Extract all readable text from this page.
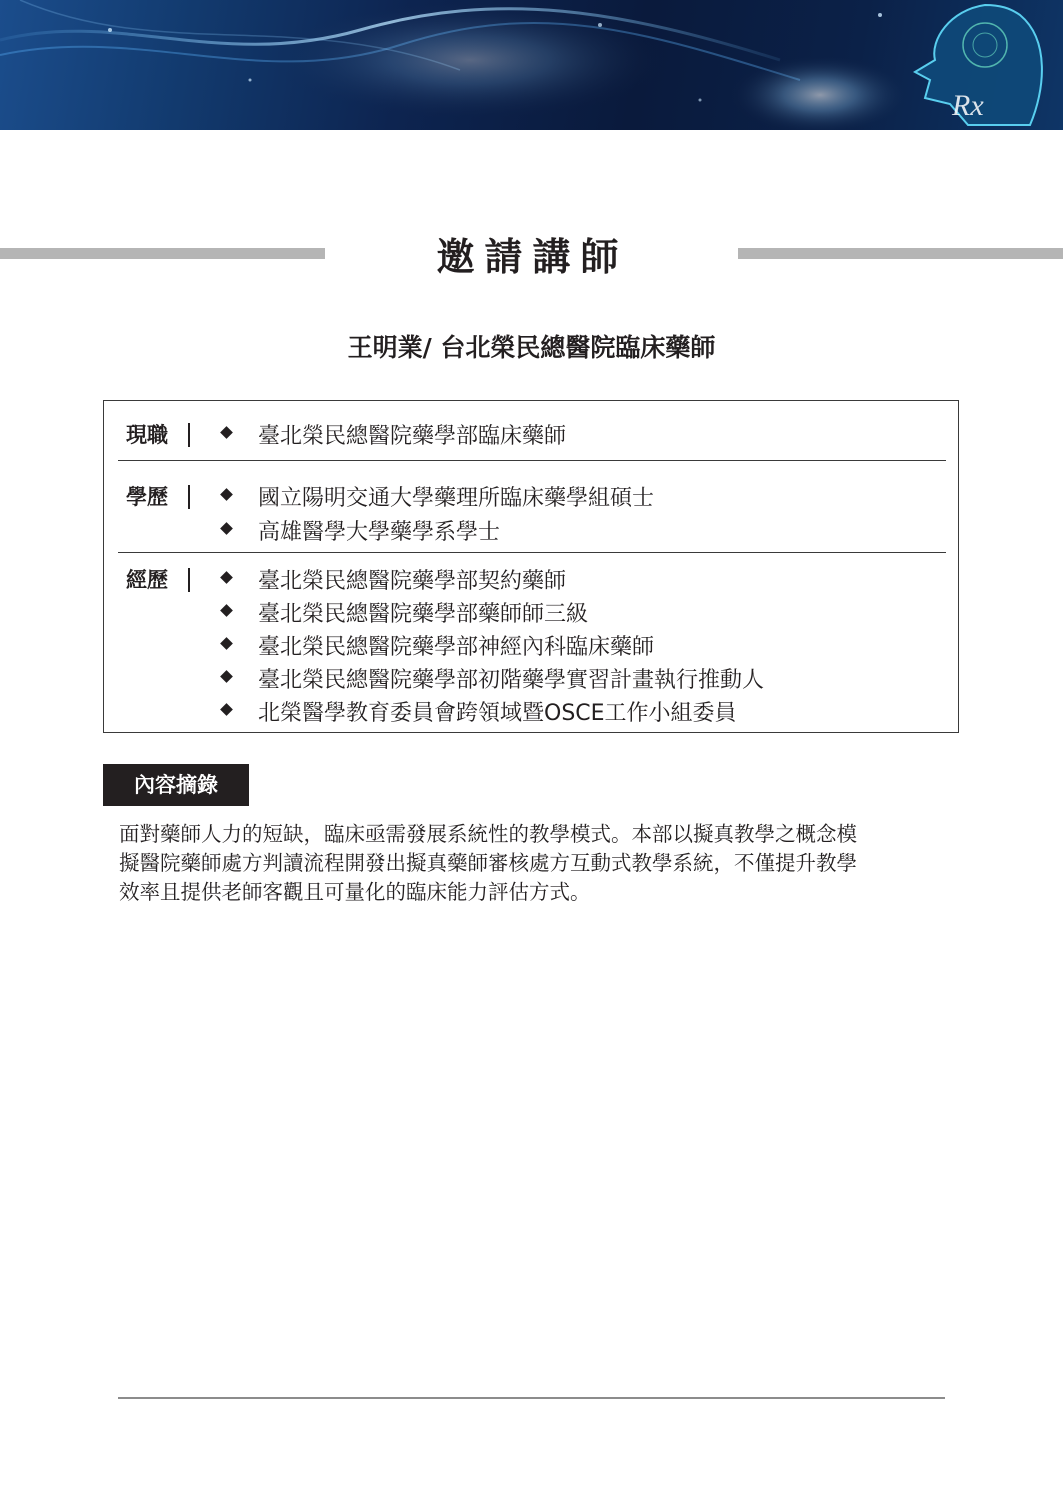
Rx
邀請講師
王明業/ 台北榮民總醫院臨床藥師
現職	臺北榮民總醫院藥學部臨床藥師
學歷	國立陽明交通大學藥理所臨床藥學組碩士
高雄醫學大學藥學系學士
經歷	臺北榮民總醫院藥學部契約藥師
臺北榮民總醫院藥學部藥師師三級
臺北榮民總醫院藥學部神經內科臨床藥師
臺北榮民總醫院藥學部初階藥學實習計畫執行推動人
北榮醫學教育委員會跨領域暨OSCE工作小組委員
內容摘錄
面對藥師人力的短缺，臨床亟需發展系統性的教學模式。本部以擬真教學之概念模
擬醫院藥師處方判讀流程開發出擬真藥師審核處方互動式教學系統，不僅提升教學
效率且提供老師客觀且可量化的臨床能力評估方式。
